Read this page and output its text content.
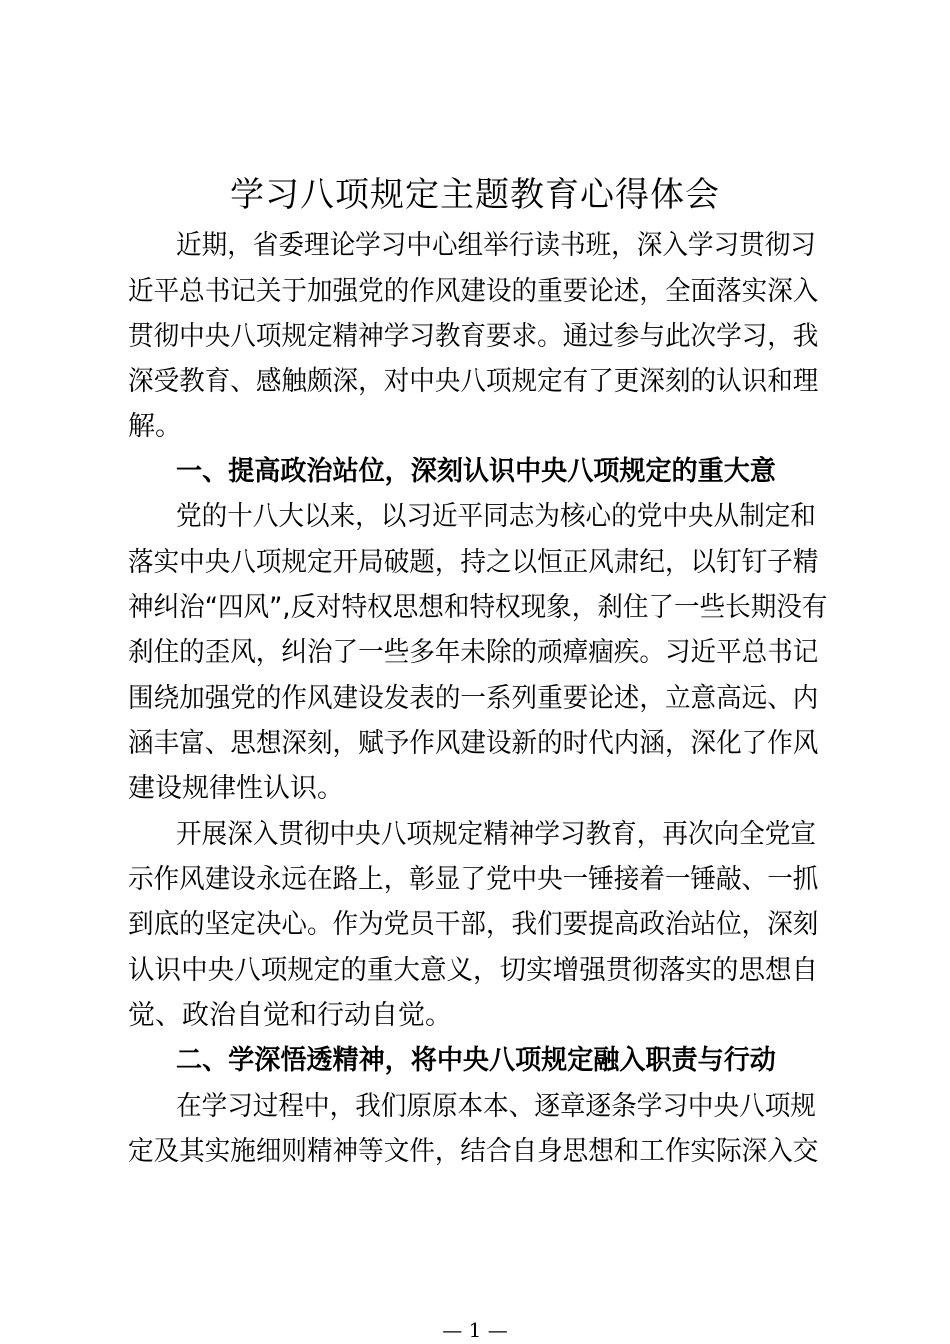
学习八项规定主题教育心得体会
近期，省委理论学习中心组举行读书班，深入学习贯彻习
近平总书记关于加强党的作风建设的重要论述，全面落实深入
贯彻中央八项规定精神学习教育要求。通过参与此次学习，我
深受教育、感触颇深，对中央八项规定有了更深刻的认识和理
解。
一、提高政治站位，深刻认识中央八项规定的重大意
党的十八大以来，以习近平同志为核心的党中央从制定和
落实中央八项规定开局破题，持之以恒正风肃纪，以钉钉子精
神纠治“四风”,反对特权思想和特权现象，刹住了一些长期没有
刹住的歪风，纠治了一些多年未除的顽瘴痼疾。习近平总书记
围绕加强党的作风建设发表的一系列重要论述，立意高远、内
涵丰富、思想深刻，赋予作风建设新的时代内涵，深化了作风
建设规律性认识。
开展深入贯彻中央八项规定精神学习教育，再次向全党宣
示作风建设永远在路上，彰显了党中央一锤接着一锤敲、一抓
到底的坚定决心。作为党员干部，我们要提高政治站位，深刻
认识中央八项规定的重大意义，切实增强贯彻落实的思想自
觉、政治自觉和行动自觉。
二、学深悟透精神，将中央八项规定融入职责与行动
在学习过程中，我们原原本本、逐章逐条学习中央八项规
定及其实施细则精神等文件，结合自身思想和工作实际深入交
— 1 —
